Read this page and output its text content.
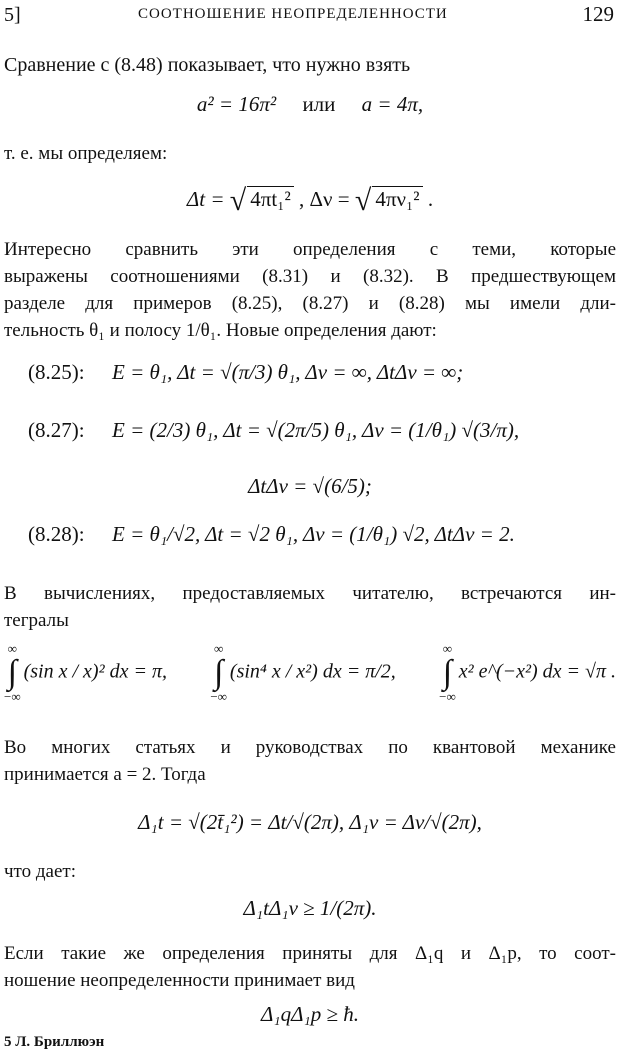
5]	СООТНОШЕНИЕ НЕОПРЕДЕЛЕННОСТИ	129
Сравнение с (8.48) показывает, что нужно взять
a² = 16π² или a = 4π,
т. е. мы определяем:
Δt = √ 4πt₁² , Δν = √ 4πν₁² .
Интересно сравнить эти определения с теми, которые
выражены соотношениями (8.31) и (8.32). В предшествующем
разделе для примеров (8.25), (8.27) и (8.28) мы имели дли-
тельность θ₁ и полосу 1/θ₁. Новые определения дают:
(8.25): E = θ₁, Δt = √(π/3) θ₁, Δν = ∞, ΔtΔν = ∞;
(8.27): E = (2/3) θ₁, Δt = √(2π/5) θ₁, Δν = (1/θ₁) √(3/π),
ΔtΔν = √(6/5);
(8.28): E = θ₁/√2, Δt = √2 θ₁, Δν = (1/θ₁) √2, ΔtΔν = 2.
В вычислениях, предоставляемых читателю, встречаются ин-
тегралы
∞
∫
−∞
(sin x / x)² dx = π,
∞
∫
−∞
(sin⁴ x / x²) dx = π/2,
∞
∫
−∞
x² e^(−x²) dx = √π .
Во многих статьях и руководствах по квантовой механике
принимается a = 2. Тогда
Δ₁t = √(2t̄₁²) = Δt/√(2π), Δ₁ν = Δν/√(2π),
что дает:
Δ₁tΔ₁ν ≥ 1/(2π).
Если такие же определения приняты для Δ₁q и Δ₁p, то соот-
ношение неопределенности принимает вид
Δ₁qΔ₁p ≥ ħ.
5 Л. Бриллюэн
